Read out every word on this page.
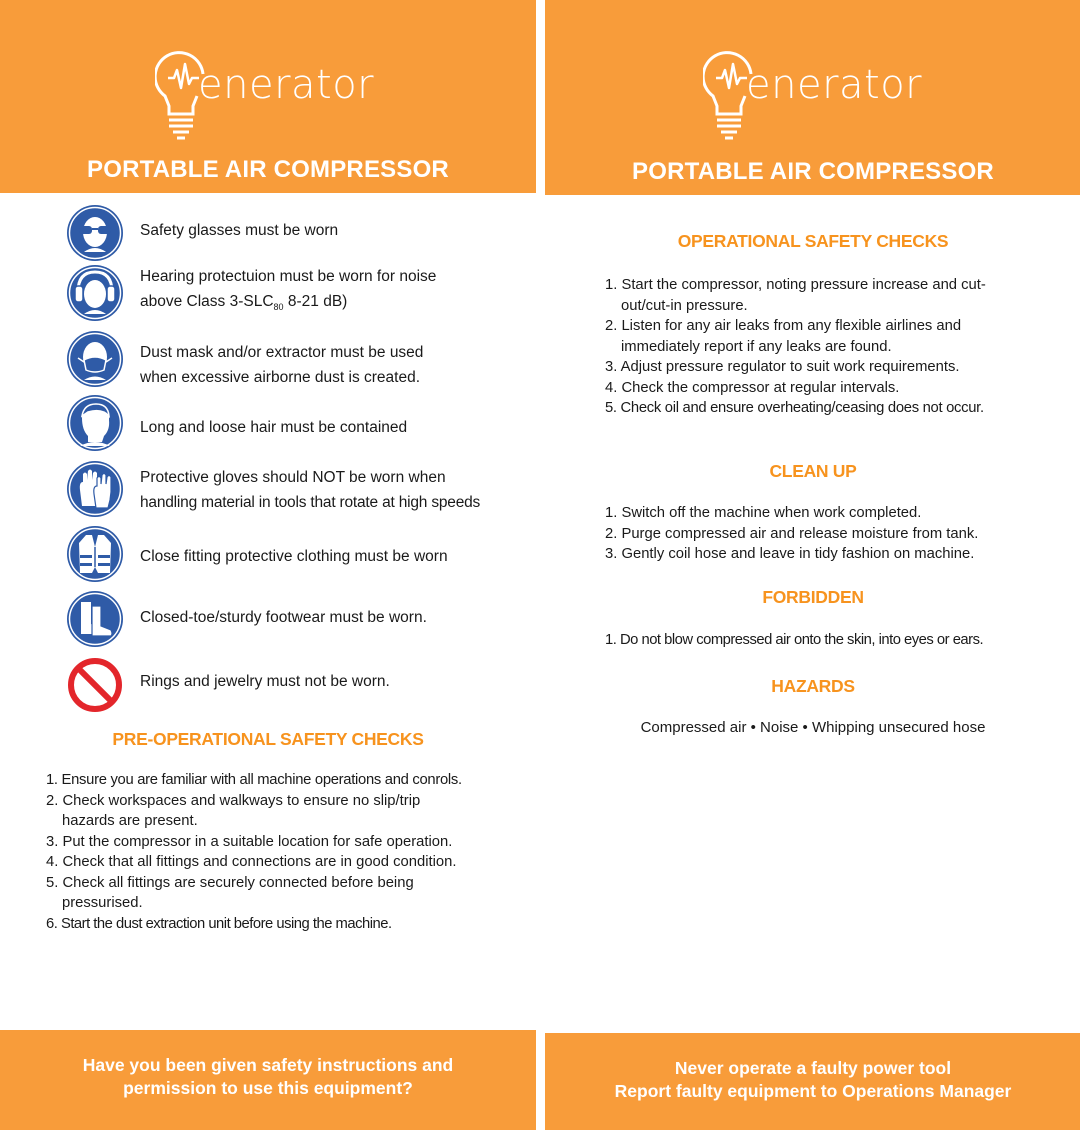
enerator
PORTABLE AIR COMPRESSOR
Safety glasses must be worn
Hearing protectuion must be worn for noise
above Class $3-SLC_{80}$ 8-21 dB)
Dust mask and/or extractor must be used
when excessive airborne dust is created.
Long and loose hair must be contained
Protective gloves should NOT be worn when
handling material in tools that rotate at high speeds
Close fitting protective clothing must be worn
Closed-toe/sturdy footwear must be worn.
Rings and jewelry must not be worn.
PRE-OPERATIONAL SAFETY CHECKS
1. Ensure you are familiar with all machine operations and conrols.
2. Check workspaces and walkways to ensure no slip/trip hazards are present.
3. Put the compressor in a suitable location for safe operation.
4. Check that all fittings and connections are in good condition.
5. Check all fittings are securely connected before being pressurised.
6. Start the dust extraction unit before using the machine.
Have you been given safety instructions and
permission to use this equipment?
enerator
PORTABLE AIR COMPRESSOR
OPERATIONAL SAFETY CHECKS
1. Start the compressor, noting pressure increase and cut-out/cut-in pressure.
2. Listen for any air leaks from any flexible airlines and immediately report if any leaks are found.
3. Adjust pressure regulator to suit work requirements.
4. Check the compressor at regular intervals.
5. Check oil and ensure overheating/ceasing does not occur.
CLEAN UP
1. Switch off the machine when work completed.
2. Purge compressed air and release moisture from tank.
3. Gently coil hose and leave in tidy fashion on machine.
FORBIDDEN
1. Do not blow compressed air onto the skin, into eyes or ears.
HAZARDS
Compressed air • Noise • Whipping unsecured hose
Never operate a faulty power tool
Report faulty equipment to Operations Manager
